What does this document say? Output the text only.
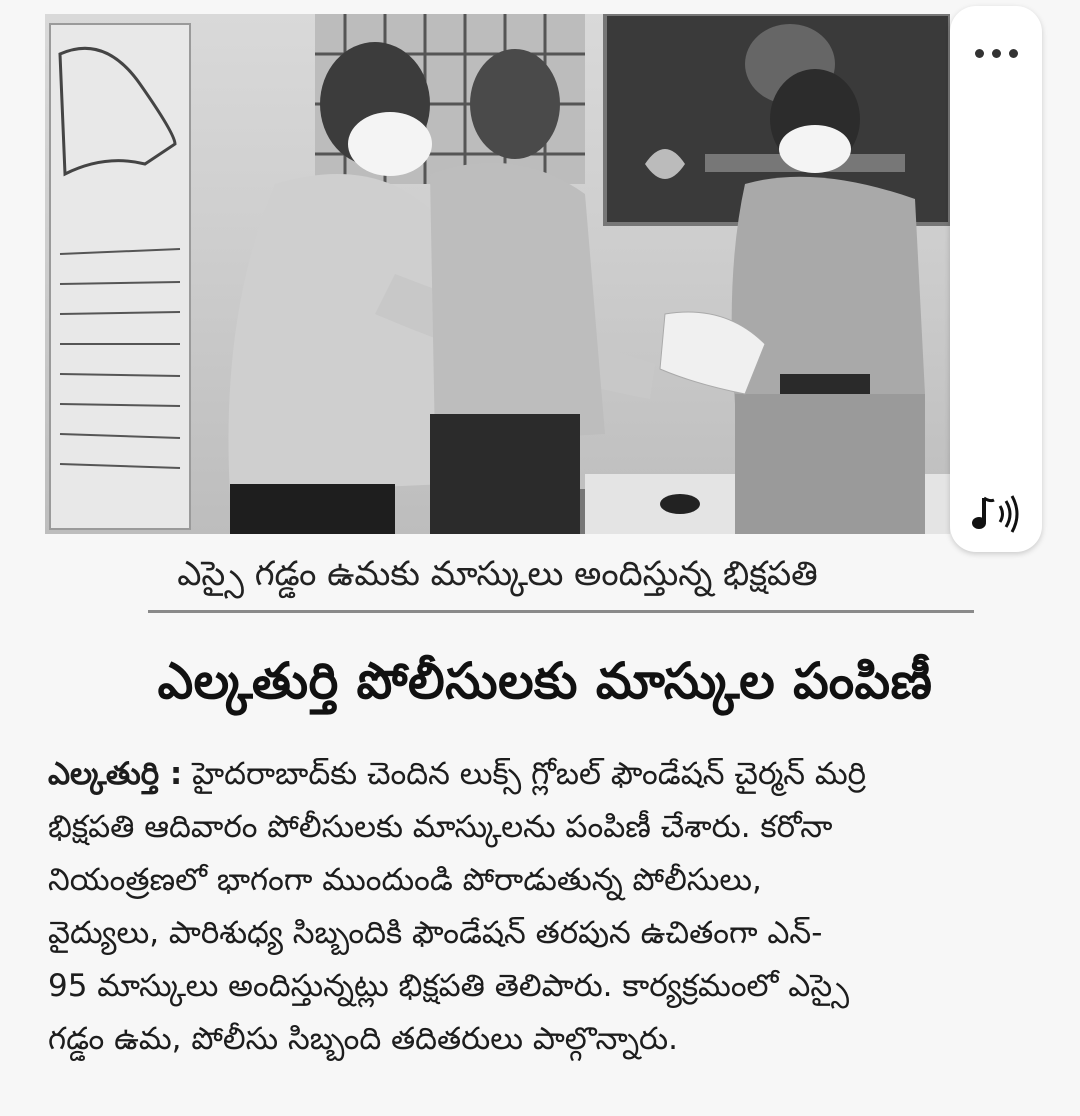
ఎస్సై గడ్డం ఉమకు మాస్కులు అందిస్తున్న భిక్షపతి
ఎల్కతుర్తి పోలీసులకు మాస్కుల పంపిణీ
ఎల్కతుర్తి : హైదరాబాద్‌కు చెందిన లుక్స్ గ్లోబల్ ఫౌండేషన్ చైర్మన్ మర్రి
భిక్షపతి ఆదివారం పోలీసులకు మాస్కులను పంపిణీ చేశారు. కరోనా
నియంత్రణలో భాగంగా ముందుండి పోరాడుతున్న పోలీసులు,
వైద్యులు, పారిశుధ్య సిబ్బందికి ఫౌండేషన్ తరపున ఉచితంగా ఎన్-
95 మాస్కులు అందిస్తున్నట్లు భిక్షపతి తెలిపారు. కార్యక్రమంలో ఎస్సై
గడ్డం ఉమ, పోలీసు సిబ్బంది తదితరులు పాల్గొన్నారు.
